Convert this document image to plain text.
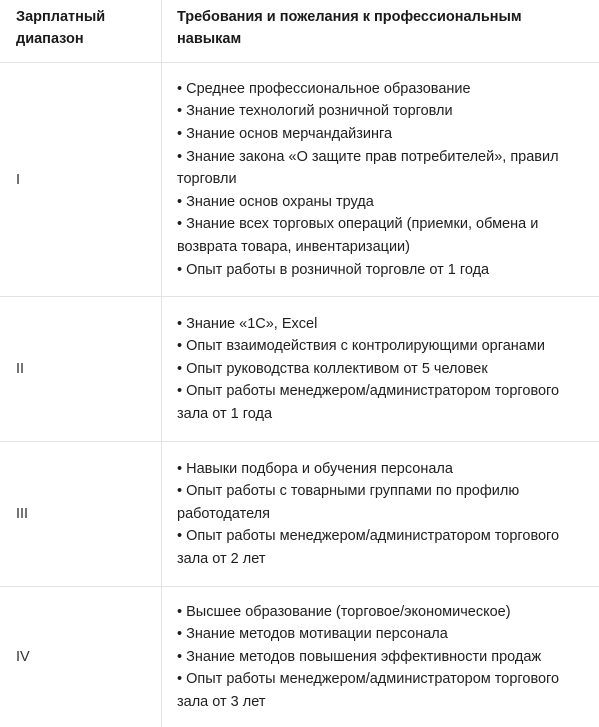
Зарплатный диапазон
Требования и пожелания к профессиональным навыкам
I
• Среднее профессиональное образование
• Знание технологий розничной торговли
• Знание основ мерчандайзинга
• Знание закона «О защите прав потребителей», правил торговли
• Знание основ охраны труда
• Знание всех торговых операций (приемки, обмена и возврата товара, инвентаризации)
• Опыт работы в розничной торговле от 1 года
II
• Знание «1С», Excel
• Опыт взаимодействия с контролирующими органами
• Опыт руководства коллективом от 5 человек
• Опыт работы менеджером/администратором торгового зала от 1 года
III
• Навыки подбора и обучения персонала
• Опыт работы с товарными группами по профилю работодателя
• Опыт работы менеджером/администратором торгового зала от 2 лет
IV
• Высшее образование (торговое/экономическое)
• Знание методов мотивации персонала
• Знание методов повышения эффективности продаж
• Опыт работы менеджером/администратором торгового зала от 3 лет
